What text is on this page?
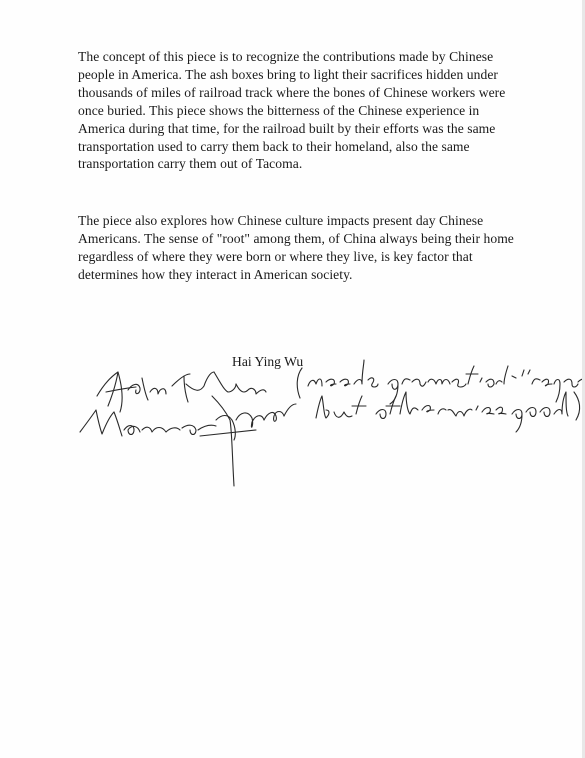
The concept of this piece is to recognize the contributions made by Chinese people in America. The ash boxes bring to light their sacrifices hidden under thousands of miles of railroad track where the bones of Chinese workers were once buried. This piece shows the bitterness of the Chinese experience in America during that time, for the railroad built by their efforts was the same transportation used to carry them back to their homeland, also the same transportation carry them out of Tacoma.

The piece also explores how Chinese culture impacts present day Chinese Americans. The sense of "root" among them, of China always being their home regardless of where they were born or where they live, is key factor that determines how they interact in American society.

Hai Ying Wu
